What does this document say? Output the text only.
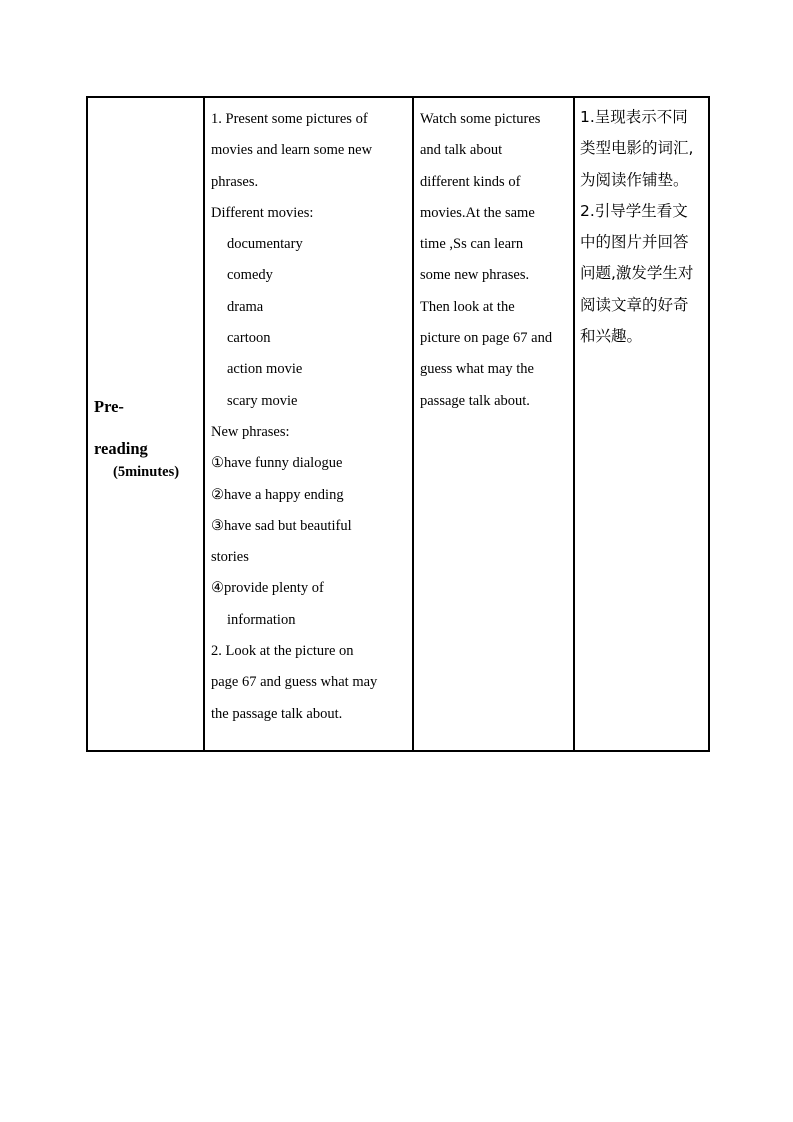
Pre-
reading
(5minutes)

1. Present some pictures of
movies and learn some new
phrases.
Different movies:
documentary
comedy
drama
cartoon
action movie
scary movie
New phrases:
①have funny dialogue
②have a happy ending
③have sad but beautiful
stories
④provide plenty of
information
2. Look at the picture on
page 67 and guess what may
the passage talk about.

Watch some pictures
and talk about
different kinds of
movies.At the same
time ,Ss can learn
some new phrases.
Then look at the
picture on page 67 and
guess what may the
passage talk about.

1.呈现表示不同
类型电影的词汇,
为阅读作铺垫。
2.引导学生看文
中的图片并回答
问题,激发学生对
阅读文章的好奇
和兴趣。
